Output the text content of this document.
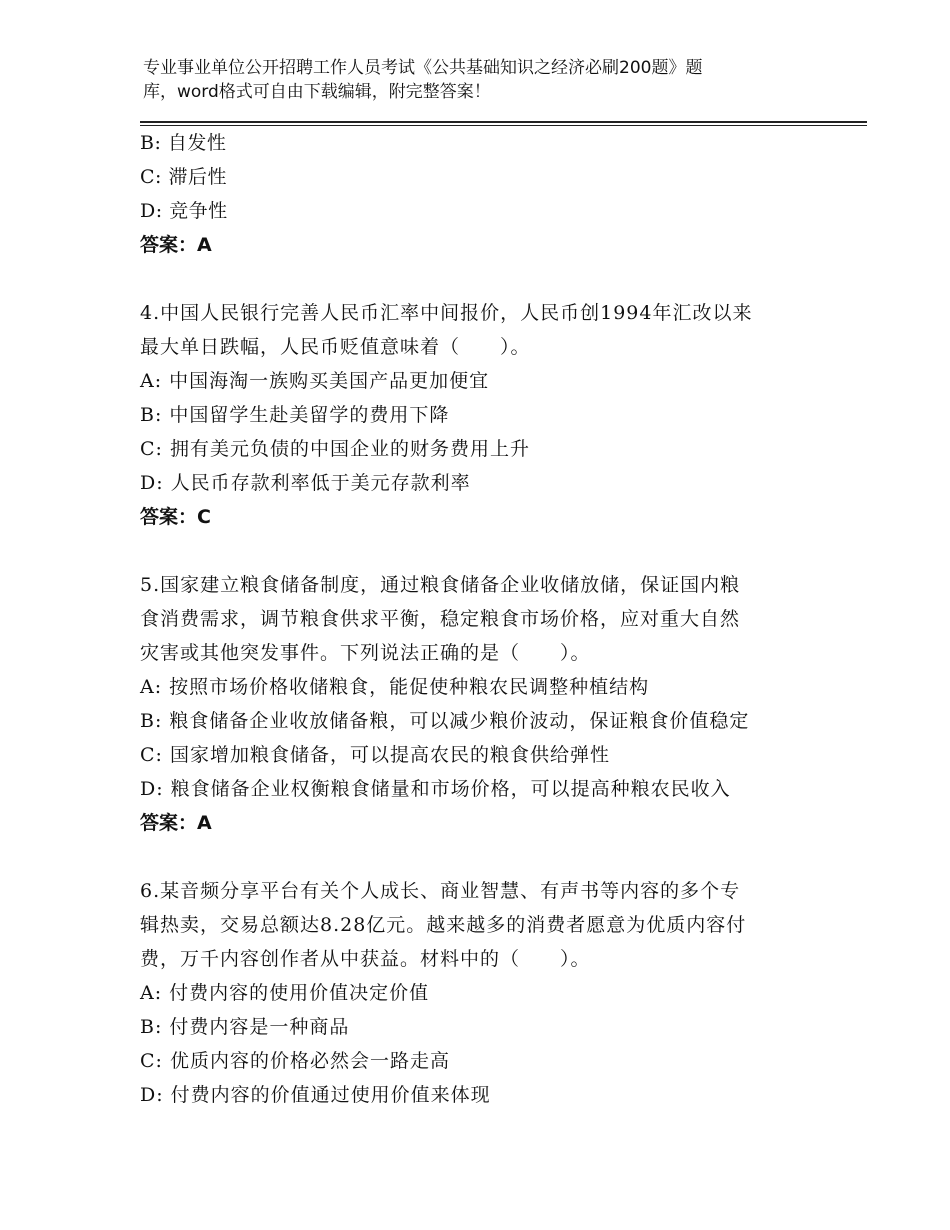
专业事业单位公开招聘工作人员考试《公共基础知识之经济必刷200题》题
库，word格式可自由下载编辑，附完整答案！
B: 自发性
C: 滞后性
D: 竞争性
答案：A
4.中国人民银行完善人民币汇率中间报价，人民币创1994年汇改以来
最大单日跌幅，人民币贬值意味着（　　）。
A: 中国海淘一族购买美国产品更加便宜
B: 中国留学生赴美留学的费用下降
C: 拥有美元负债的中国企业的财务费用上升
D: 人民币存款利率低于美元存款利率
答案：C
5.国家建立粮食储备制度，通过粮食储备企业收储放储，保证国内粮
食消费需求，调节粮食供求平衡，稳定粮食市场价格，应对重大自然
灾害或其他突发事件。下列说法正确的是（　　）。
A: 按照市场价格收储粮食，能促使种粮农民调整种植结构
B: 粮食储备企业收放储备粮，可以减少粮价波动，保证粮食价值稳定
C: 国家增加粮食储备，可以提高农民的粮食供给弹性
D: 粮食储备企业权衡粮食储量和市场价格，可以提高种粮农民收入
答案：A
6.某音频分享平台有关个人成长、商业智慧、有声书等内容的多个专
辑热卖，交易总额达8.28亿元。越来越多的消费者愿意为优质内容付
费，万千内容创作者从中获益。材料中的（　　）。
A: 付费内容的使用价值决定价值
B: 付费内容是一种商品
C: 优质内容的价格必然会一路走高
D: 付费内容的价值通过使用价值来体现
